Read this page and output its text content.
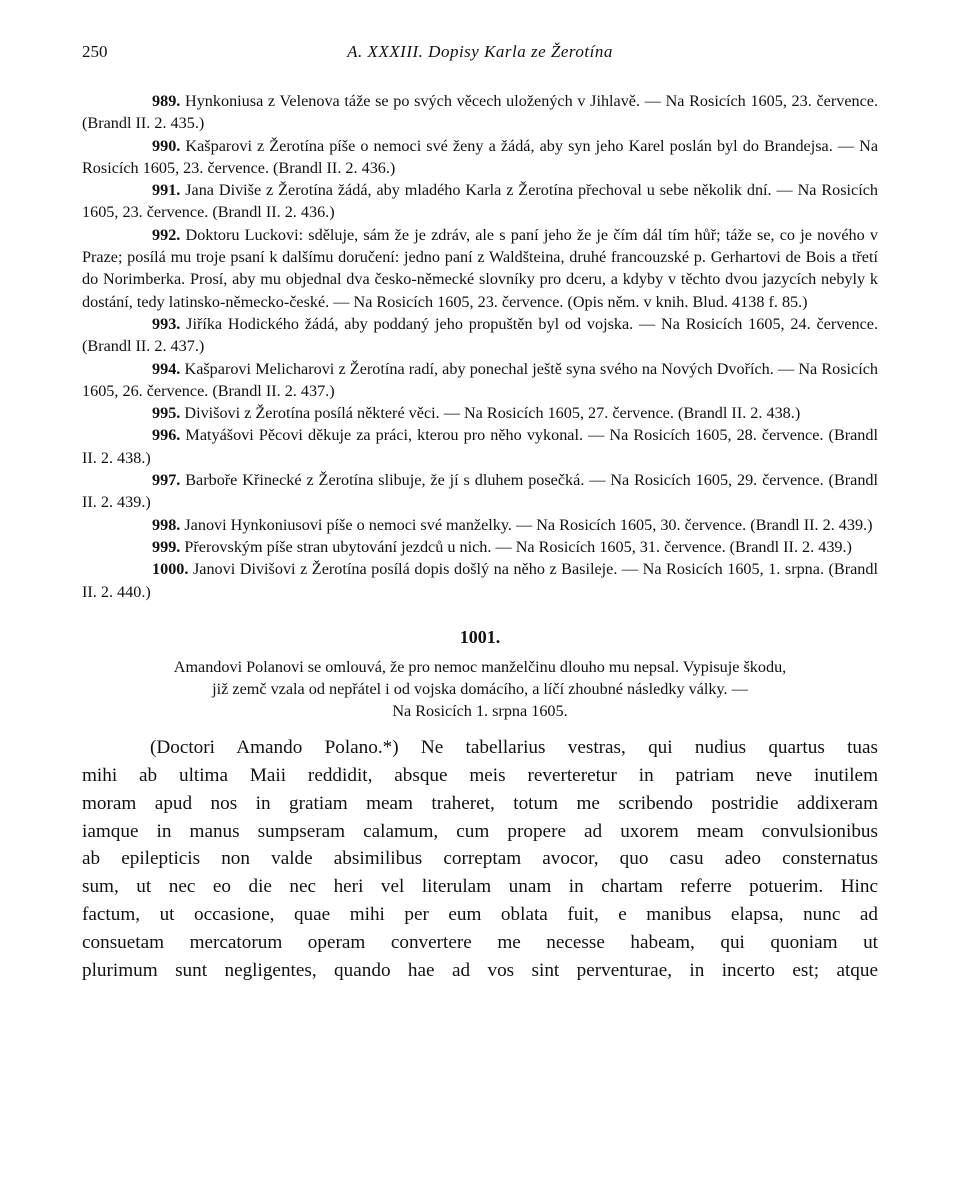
250	A. XXXIII. Dopisy Karla ze Žerotína

989. Hynkoniusa z Velenova táže se po svých věcech uložených v Jihlavě. — Na Rosicích 1605, 23. července. (Brandl II. 2. 435.)

990. Kašparovi z Žerotína píše o nemoci své ženy a žádá, aby syn jeho Karel poslán byl do Brandejsa. — Na Rosicích 1605, 23. července. (Brandl II. 2. 436.)

991. Jana Diviše z Žerotína žádá, aby mladého Karla z Žerotína přechoval u sebe několik dní. — Na Rosicích 1605, 23. července. (Brandl II. 2. 436.)

992. Doktoru Luckovi: sděluje, sám že je zdráv, ale s paní jeho že je čím dál tím hůř; táže se, co je nového v Praze; posílá mu troje psaní k dalšímu doručení: jedno paní z Waldšteina, druhé francouzské p. Gerhartovi de Bois a třetí do Norimberka. Prosí, aby mu objednal dva česko-německé slovníky pro dceru, a kdyby v těchto dvou jazycích nebyly k dostání, tedy latinsko-německo-české. — Na Rosicích 1605, 23. července. (Opis něm. v knih. Blud. 4138 f. 85.)

993. Jiříka Hodického žádá, aby poddaný jeho propuštěn byl od vojska. — Na Rosicích 1605, 24. července. (Brandl II. 2. 437.)

994. Kašparovi Melicharovi z Žerotína radí, aby ponechal ještě syna svého na Nových Dvořích. — Na Rosicích 1605, 26. července. (Brandl II. 2. 437.)

995. Divišovi z Žerotína posílá některé věci. — Na Rosicích 1605, 27. července. (Brandl II. 2. 438.)

996. Matyášovi Pěcovi děkuje za práci, kterou pro něho vykonal. — Na Rosicích 1605, 28. července. (Brandl II. 2. 438.)

997. Barboře Křinecké z Žerotína slibuje, že jí s dluhem posečká. — Na Rosicích 1605, 29. července. (Brandl II. 2. 439.)

998. Janovi Hynkoniusovi píše o nemoci své manželky. — Na Rosicích 1605, 30. července. (Brandl II. 2. 439.)

999. Přerovským píše stran ubytování jezdců u nich. — Na Rosicích 1605, 31. července. (Brandl II. 2. 439.)

1000. Janovi Divišovi z Žerotína posílá dopis došlý na něho z Basileje. — Na Rosicích 1605, 1. srpna. (Brandl II. 2. 440.)

1001.

Amandovi Polanovi se omlouvá, že pro nemoc manželčinu dlouho mu nepsal. Vypisuje škodu,
již zemč vzala od nepřátel i od vojska domácího, a líčí zhoubné následky války. —
Na Rosicích 1. srpna 1605.

(Doctori Amando Polano.*) Ne tabellarius vestras, qui nudius quartus tuas
mihi ab ultima Maii reddidit, absque meis reverteretur in patriam neve inutilem
moram apud nos in gratiam meam traheret, totum me scribendo postridie addixeram
iamque in manus sumpseram calamum, cum propere ad uxorem meam convulsionibus
ab epilepticis non valde absimilibus correptam avocor, quo casu adeo consternatus
sum, ut nec eo die nec heri vel literulam unam in chartam referre potuerim. Hinc
factum, ut occasione, quae mihi per eum oblata fuit, e manibus elapsa, nunc ad
consuetam mercatorum operam convertere me necesse habeam, qui quoniam ut
plurimum sunt negligentes, quando hae ad vos sint perventurae, in incerto est; atque
